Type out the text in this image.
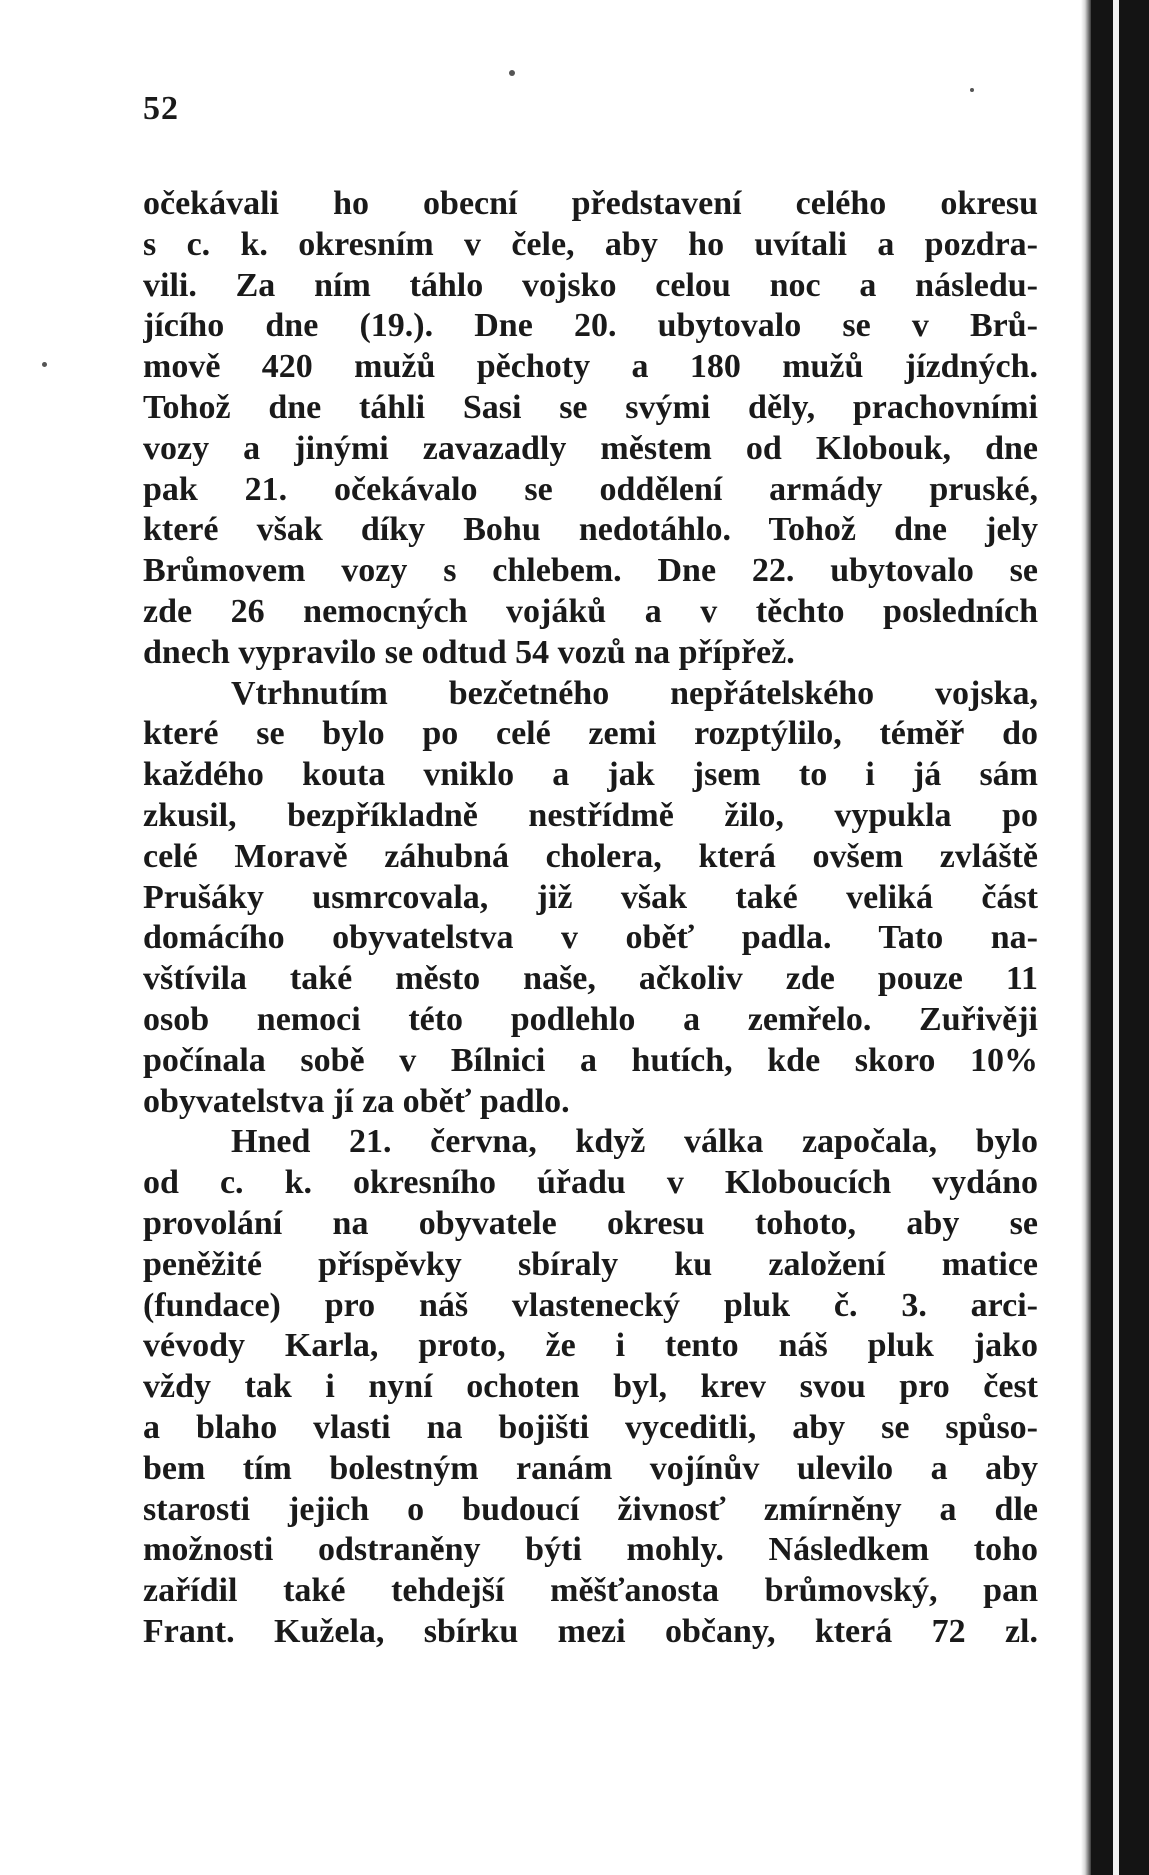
52
očekávali ho obecní představení celého okresu
s c. k. okresním v čele, aby ho uvítali a pozdra-
vili. Za ním táhlo vojsko celou noc a následu-
jícího dne (19.). Dne 20. ubytovalo se v Brů-
mově 420 mužů pěchoty a 180 mužů jízdných.
Tohož dne táhli Sasi se svými děly, prachovními
vozy a jinými zavazadly městem od Klobouk, dne
pak 21. očekávalo se oddělení armády pruské,
které však díky Bohu nedotáhlo. Tohož dne jely
Brůmovem vozy s chlebem. Dne 22. ubytovalo se
zde 26 nemocných vojáků a v těchto posledních
dnech vypravilo se odtud 54 vozů na přípřež.
Vtrhnutím bezčetného nepřátelského vojska,
které se bylo po celé zemi rozptýlilo, téměř do
každého kouta vniklo a jak jsem to i já sám
zkusil, bezpříkladně nestřídmě žilo, vypukla po
celé Moravě záhubná cholera, která ovšem zvláště
Prušáky usmrcovala, již však také veliká část
domácího obyvatelstva v oběť padla. Tato na-
vštívila také město naše, ačkoliv zde pouze 11
osob nemoci této podlehlo a zemřelo. Zuřivěji
počínala sobě v Bílnici a hutích, kde skoro 10%
obyvatelstva jí za oběť padlo.
Hned 21. června, když válka započala, bylo
od c. k. okresního úřadu v Kloboucích vydáno
provolání na obyvatele okresu tohoto, aby se
peněžité příspěvky sbíraly ku založení matice
(fundace) pro náš vlastenecký pluk č. 3. arci-
vévody Karla, proto, že i tento náš pluk jako
vždy tak i nyní ochoten byl, krev svou pro čest
a blaho vlasti na bojišti vyceditli, aby se spůso-
bem tím bolestným ranám vojínův ulevilo a aby
starosti jejich o budoucí živnosť zmírněny a dle
možnosti odstraněny býti mohly. Následkem toho
zařídil také tehdejší měšťanosta brůmovský, pan
Frant. Kužela, sbírku mezi občany, která 72 zl.
